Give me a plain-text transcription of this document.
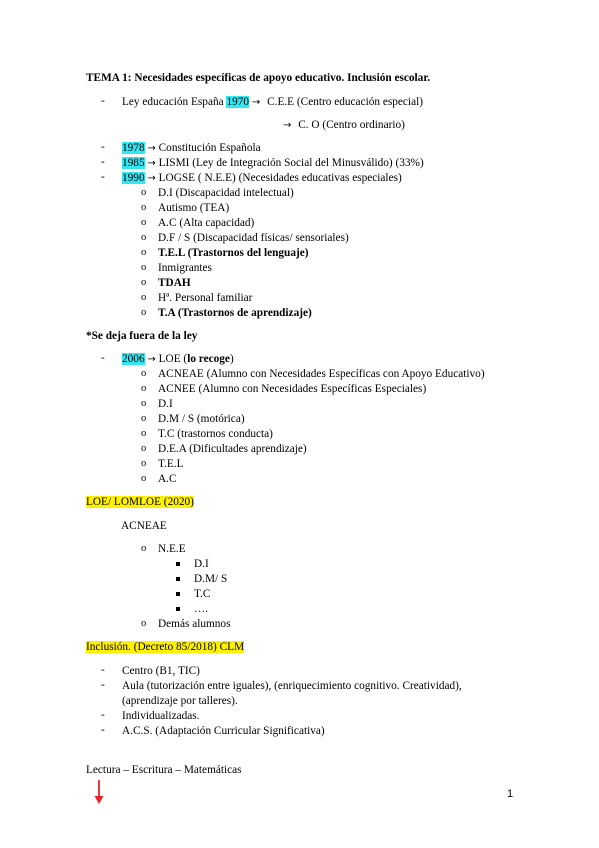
TEMA 1: Necesidades específicas de apoyo educativo. Inclusión escolar.
- Ley educación España 1970 → C.E.E (Centro educación especial)
→ C. O (Centro ordinario)
- 1978 → Constitución Española
- 1985 → LISMI (Ley de Integración Social del Minusválido) (33%)
- 1990 → LOGSE ( N.E.E) (Necesidades educativas especiales)
o D.I (Discapacidad intelectual)
o Autismo (TEA)
o A.C (Alta capacidad)
o D.F / S (Discapacidad físicas/ sensoriales)
o T.E.L (Trastornos del lenguaje)
o Inmigrantes
o TDAH
o Hª. Personal familiar
o T.A (Trastornos de aprendizaje)
*Se deja fuera de la ley
- 2006 → LOE (lo recoge)
o ACNEAE (Alumno con Necesidades Específicas con Apoyo Educativo)
o ACNEE (Alumno con Necesidades Específicas Especiales)
o D.I
o D.M / S (motórica)
o T.C (trastornos conducta)
o D.E.A (Dificultades aprendizaje)
o T.E.L
o A.C
LOE/ LOMLOE (2020)
ACNEAE
o N.E.E
D.I
D.M/ S
T.C
….
o Demás alumnos
Inclusión. (Decreto 85/2018) CLM
- Centro (B1, TIC)
- Aula (tutorización entre iguales), (enriquecimiento cognitivo. Creatividad),
(aprendizaje por talleres).
- Individualizadas.
- A.C.S. (Adaptación Curricular Significativa)
Lectura – Escritura – Matemáticas
1
